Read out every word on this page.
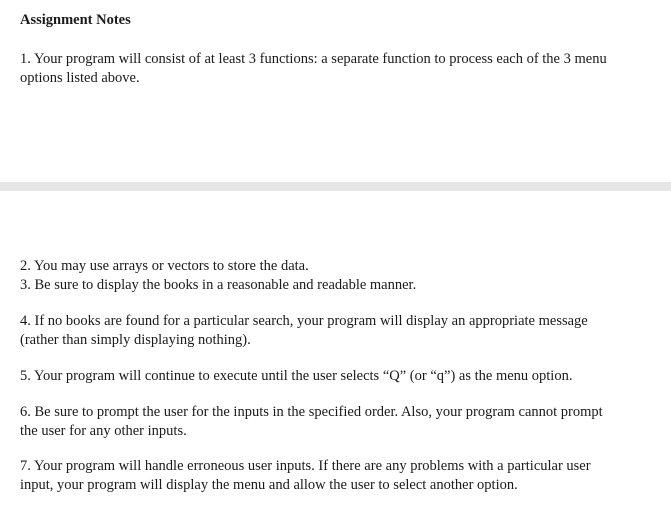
Assignment Notes

1. Your program will consist of at least 3 functions: a separate function to process each of the 3 menu
options listed above.

2. You may use arrays or vectors to store the data.

3. Be sure to display the books in a reasonable and readable manner.

4. If no books are found for a particular search, your program will display an appropriate message
(rather than simply displaying nothing).

5. Your program will continue to execute until the user selects “Q” (or “q”) as the menu option.

6. Be sure to prompt the user for the inputs in the specified order. Also, your program cannot prompt
the user for any other inputs.

7. Your program will handle erroneous user inputs. If there are any problems with a particular user
input, your program will display the menu and allow the user to select another option.
